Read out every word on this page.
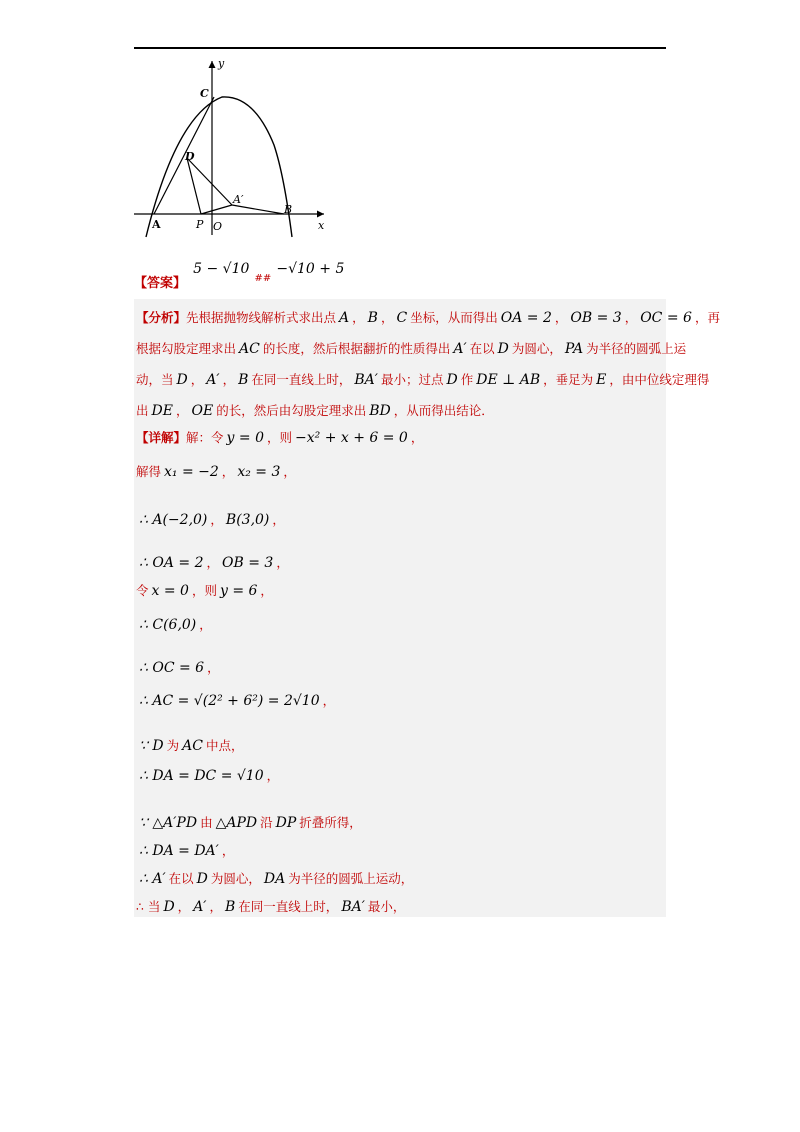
y
x
C
D
A′
B
A	P O
$_{【答案】}$ 5 − √10 $_{\#\#}$ −√10 + 5
【分析】先根据抛物线解析式求出点 A ， B ， C 坐标，从而得出 OA = 2 ， OB = 3 ， OC = 6 ，再
根据勾股定理求出 AC 的长度，然后根据翻折的性质得出 A′ 在以 D 为圆心， PA 为半径的圆弧上运
动，当 D ， A′ ， B 在同一直线上时， BA′ 最小；过点 D 作 DE ⊥ AB ，垂足为 E ，由中位线定理得
出 DE ， OE 的长，然后由勾股定理求出 BD ，从而得出结论．
【详解】解：令 y = 0 ，则 −x² + x + 6 = 0 ，
解得 x₁ = −2 ， x₂ = 3 ，
∴ A(−2,0) ， B(3,0) ，
∴ OA = 2 ， OB = 3 ，
令 x = 0 ，则 y = 6 ，
∴ C(6,0) ，
∴ OC = 6 ，
∴ AC = √(2² + 6²) = 2√10 ，
∵ D 为 AC 中点，
∴ DA = DC = √10 ，
∵ △A′PD 由 △APD 沿 DP 折叠所得，
∴ DA = DA′ ，
∴ A′ 在以 D 为圆心， DA 为半径的圆弧上运动，
∴ 当 D ， A′ ， B 在同一直线上时， BA′ 最小，
